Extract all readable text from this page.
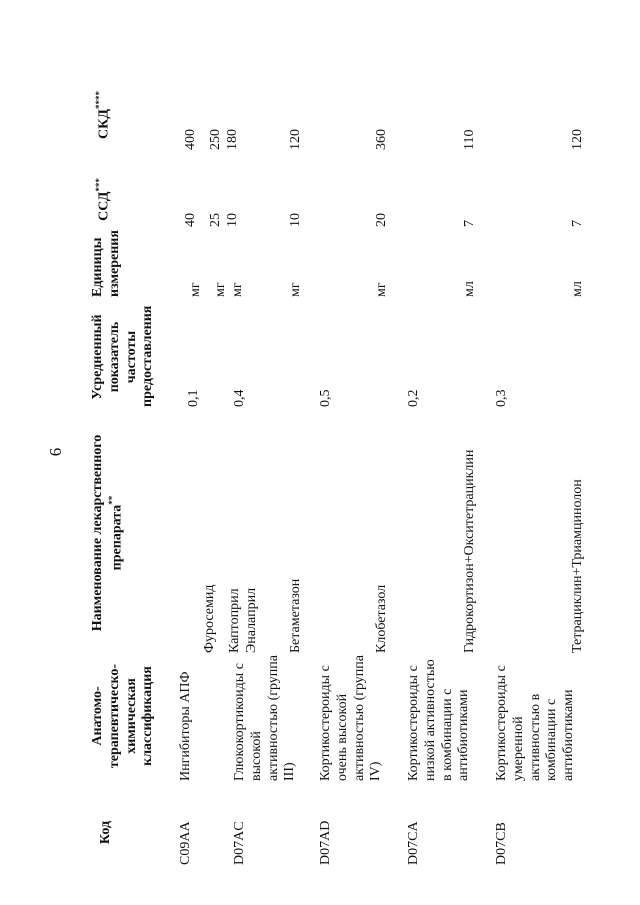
6
Код
Анатомо-терапевтическо-химическая классификация
Наименование лекарственного препарата**
Усредненный показатель частоты предоставления
Единицы измерения
ССД***
СКД****
C09AA
Ингибиторы АПФ
Фуросемид Каптоприл Эналаприл
0,1
мг мг мг
40 25 10
400 250 180
D07AC
Глюкокортикоиды с высокой активностью (группа III)
Бетаметазон
0,4
мг
10
120
D07AD
Кортикостероиды с очень высокой активностью (группа IV)
Клобетазол
0,5
мг
20
360
D07CA
Кортикостероиды с низкой активностью в комбинации с антибиотиками
Гидрокортизон+Окситетрациклин
0,2
мл
7
110
D07CB
Кортикостероиды с умеренной активностью в комбинации с антибиотиками
Тетрациклин+Триамцинолон
0,3
мл
7
120
